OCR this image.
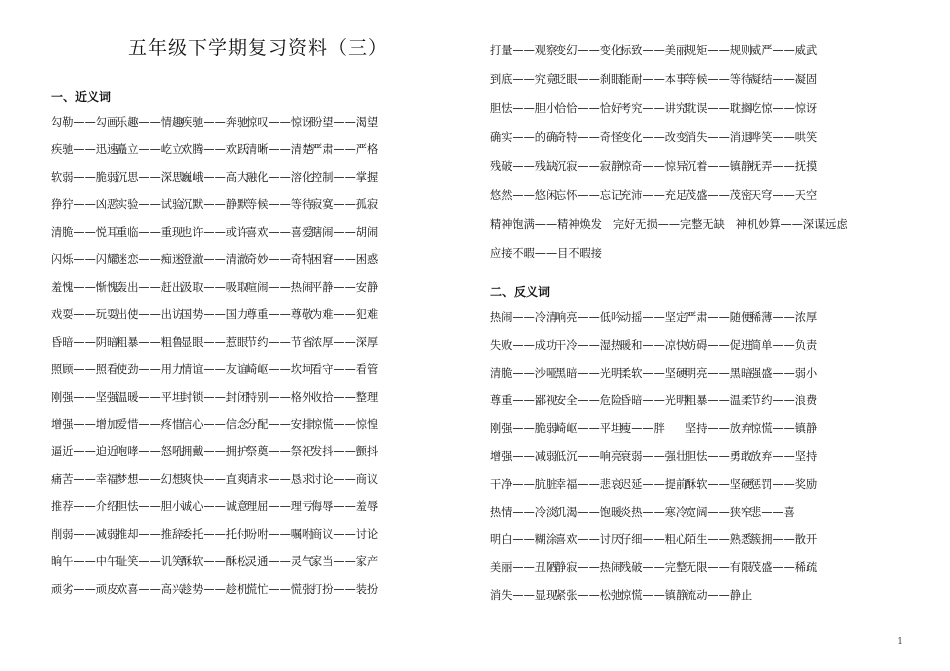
五年级下学期复习资料（三）
一、近义词
勾勒——勾画
乐趣——情趣
疾驰——奔驰
惊叹——惊讶
盼望——渴望
疾驰——迅速
矗立——屹立
欢腾——欢跃
清晰——清楚
严肃——严格
软弱——脆弱
沉思——深思
巍峨——高大
融化——溶化
控制——掌握
狰狞——凶恶
实验——试验
沉默——静默
等候——等待
寂寞——孤寂
清脆——悦耳
重临——重现
也许——或许
喜欢——喜爱
瞎闹——胡闹
闪烁——闪耀
迷恋——痴迷
澄澈——清澈
奇妙——奇特
困窘——困惑
羞愧——惭愧
轰出——赶出
汲取——吸取
喧闹——热闹
平静——安静
戏耍——玩耍
出使——出访
国势——国力
尊重——尊敬
为难——犯难
昏暗——阴暗
粗暴——粗鲁
显眼——惹眼
节约——节省
浓厚——深厚
照顾——照看
使劲——用力
情谊——友谊
崎岖——坎坷
看守——看管
刚强——坚强
温暖——平坦
封锁——封闭
特别——格外
收拾——整理
增强——增加
爱惜——疼惜
信心——信念
分配——安排
惊慌——惊惶
逼近——迫近
咆哮——怒吼
拥戴——拥护
祭奠——祭祀
发抖——颤抖
痛苦——幸福
梦想——幻想
爽快——直爽
请求——恳求
讨论——商议
推荐——介绍
胆怯——胆小
诚心——诚意
理屈——理亏
侮辱——羞辱
削弱——减弱
推却——推辞
委托——托付
吩咐——嘱咐
商议——讨论
晌午——中午
耻笑——讥笑
酥软——酥松
灵通——灵气
家当——家产
顽劣——顽皮
欢喜——高兴
趁势——趁机
慌忙——慌张
打扮——装扮
打量——观察
变幻——变化
标致——美丽
规矩——规则
威严——威武
到底——究竟
眨眼——刹眼
能耐——本事
等候——等待
凝结——凝固
胆怯——胆小
恰恰——恰好
考究——讲究
耽误——耽搁
吃惊——惊讶
确实——的确
奇特——奇怪
变化——改变
消失——消退
哗笑——哄笑
残破——残缺
沉寂——寂静
惊奇——惊异
沉着——镇静
抚弄——抚摸
悠然——悠闲
忘怀——忘记
充沛——充足
茂盛——茂密
天穹——天空
精神饱满——精神焕发 完好无损——完整无缺 神机妙算——深谋远虑
应接不暇——目不暇接
热闹——冷清
响亮——低吟
动摇——坚定
严肃——随便
稀薄——浓厚
失败——成功
干冷——湿热
暖和——凉快
妨碍——促进
简单——负责
清脆——沙哑
黑暗——光明
柔软——坚硬
明亮——黑暗
强盛——弱小
尊重——鄙视
安全——危险
昏暗——光明
粗暴——温柔
节约——浪费
刚强——脆弱
崎岖——平坦
瘦——胖	坚持——放弃
惊慌——镇静
增强——减弱
低沉——响亮
衰弱——强壮
胆怯——勇敢
放弃——坚持
干净——肮脏
幸福——悲哀
迟延——提前
酥软——坚硬
惩罚——奖励
热情——冷淡
饥渴——饱暖
炎热——寒冷
宽阔——狭窄
悲——喜
明白——糊涂
喜欢——讨厌
仔细——粗心
陌生——熟悉
簇拥——散开
美丽——丑陋
静寂——热闹
残破——完整
无限——有限
茂盛——稀疏
消失——显现
紧张——松弛
惊慌——镇静
流动——静止
二、反义词
1
